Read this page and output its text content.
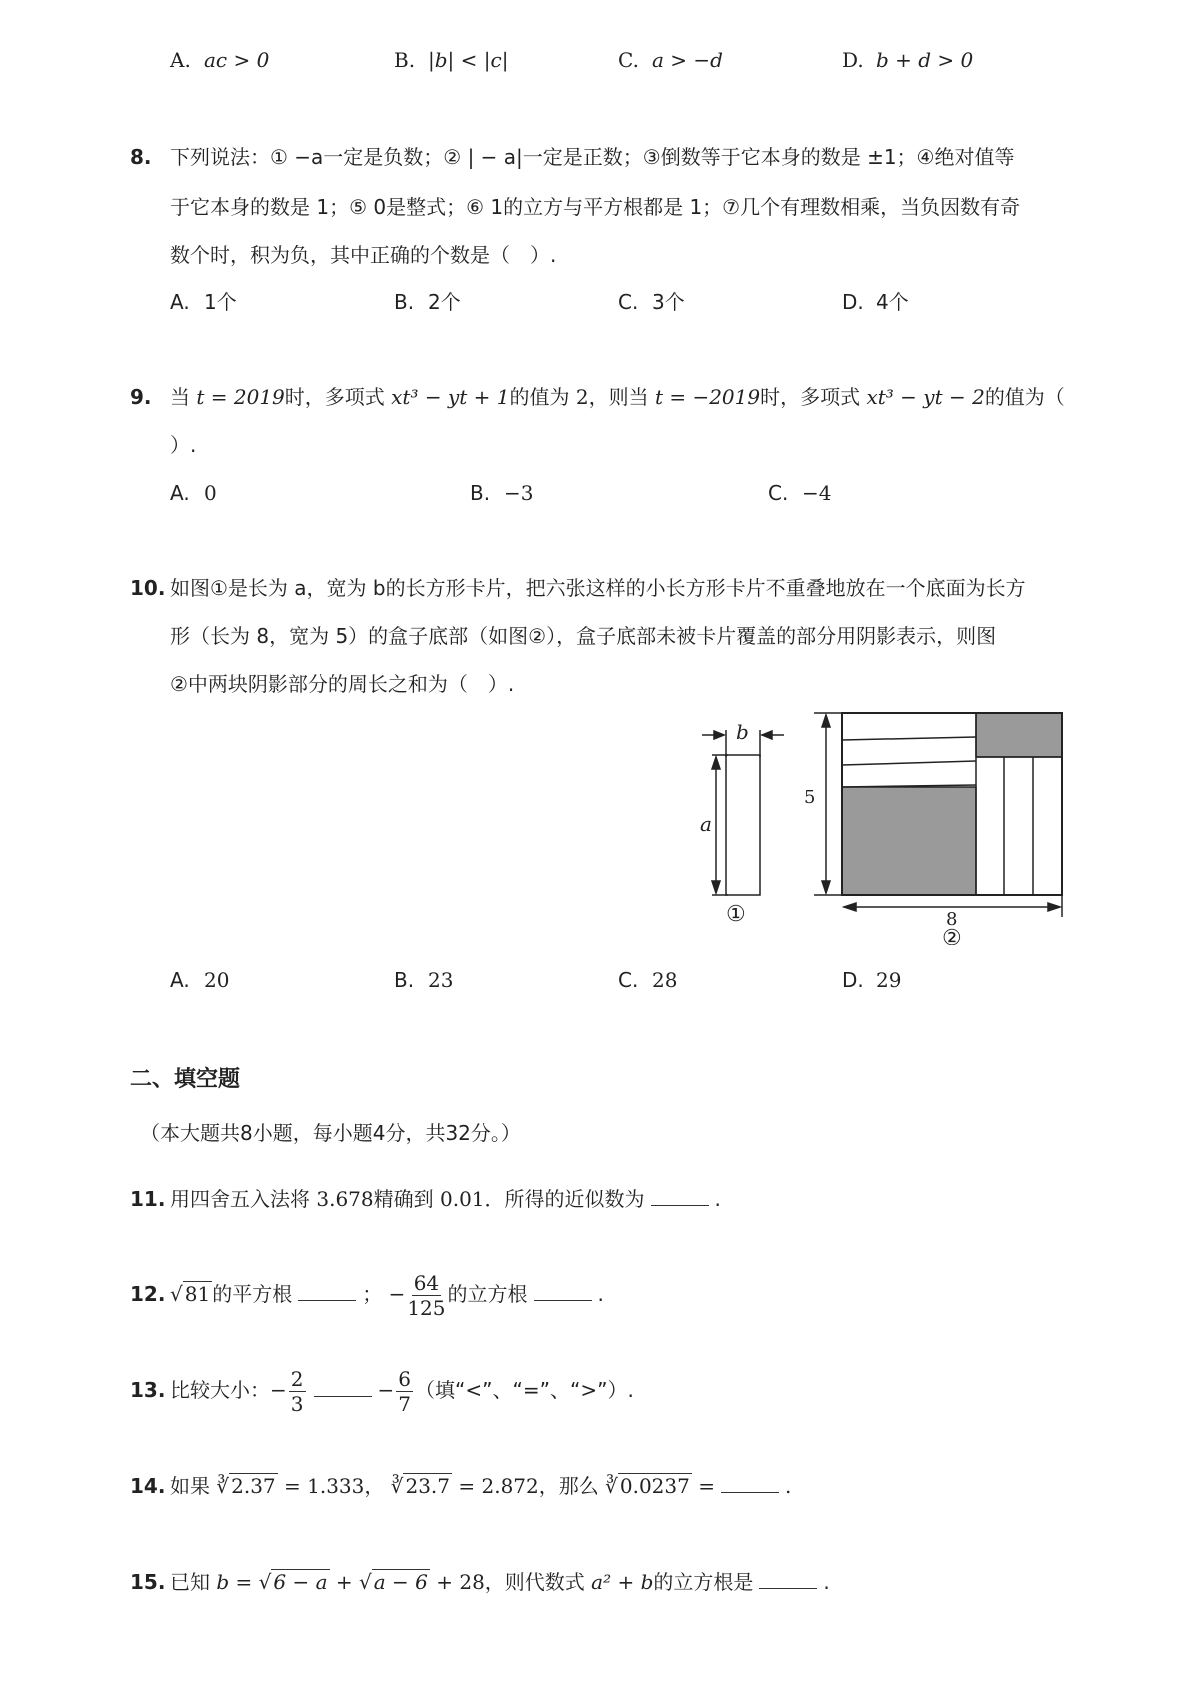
A. ac > 0	B. |b| < |c|	C. a > −d	D. b + d > 0
8. 下列说法：① −a一定是负数；② | − a|一定是正数；③倒数等于它本身的数是 ±1；④绝对值等
于它本身的数是 1；⑤ 0是整式；⑥ 1的立方与平方根都是 1；⑦几个有理数相乘，当负因数有奇
数个时，积为负，其中正确的个数是（　）.
A. 1个	B. 2个	C. 3个	D. 4个
9. 当 t = 2019时，多项式 xt³ − yt + 1的值为 2，则当 t = −2019时，多项式 xt³ − yt − 2的值为（
）.
A. 0	B. −3	C. −4
10. 如图①是长为 a，宽为 b的长方形卡片，把六张这样的小长方形卡片不重叠地放在一个底面为长方
形（长为 8，宽为 5）的盒子底部（如图②），盒子底部未被卡片覆盖的部分用阴影表示，则图
②中两块阴影部分的周长之和为（　）.
b
a
①
5
8
②
A. 20	B. 23	C. 28	D. 29
二、填空题
（本大题共8小题，每小题4分，共32分。）
11. 用四舍五入法将 3.678精确到 0.01．所得的近似数为	.
12. √ 81 的平方根	； − $\frac{64}{125}$ 的立方根	.
13. 比较大小：− $\frac{2}{3}$	− $\frac{6}{7}$ （填“<”、“=”、“>”）.
14. 如果 ∛ 2.37 = 1.333， ∛ 23.7 = 2.872，那么 ∛ 0.0237 =	.
15. 已知 b = √ 6 − a + √ a − 6 + 28，则代数式 a² + b的立方根是	.
